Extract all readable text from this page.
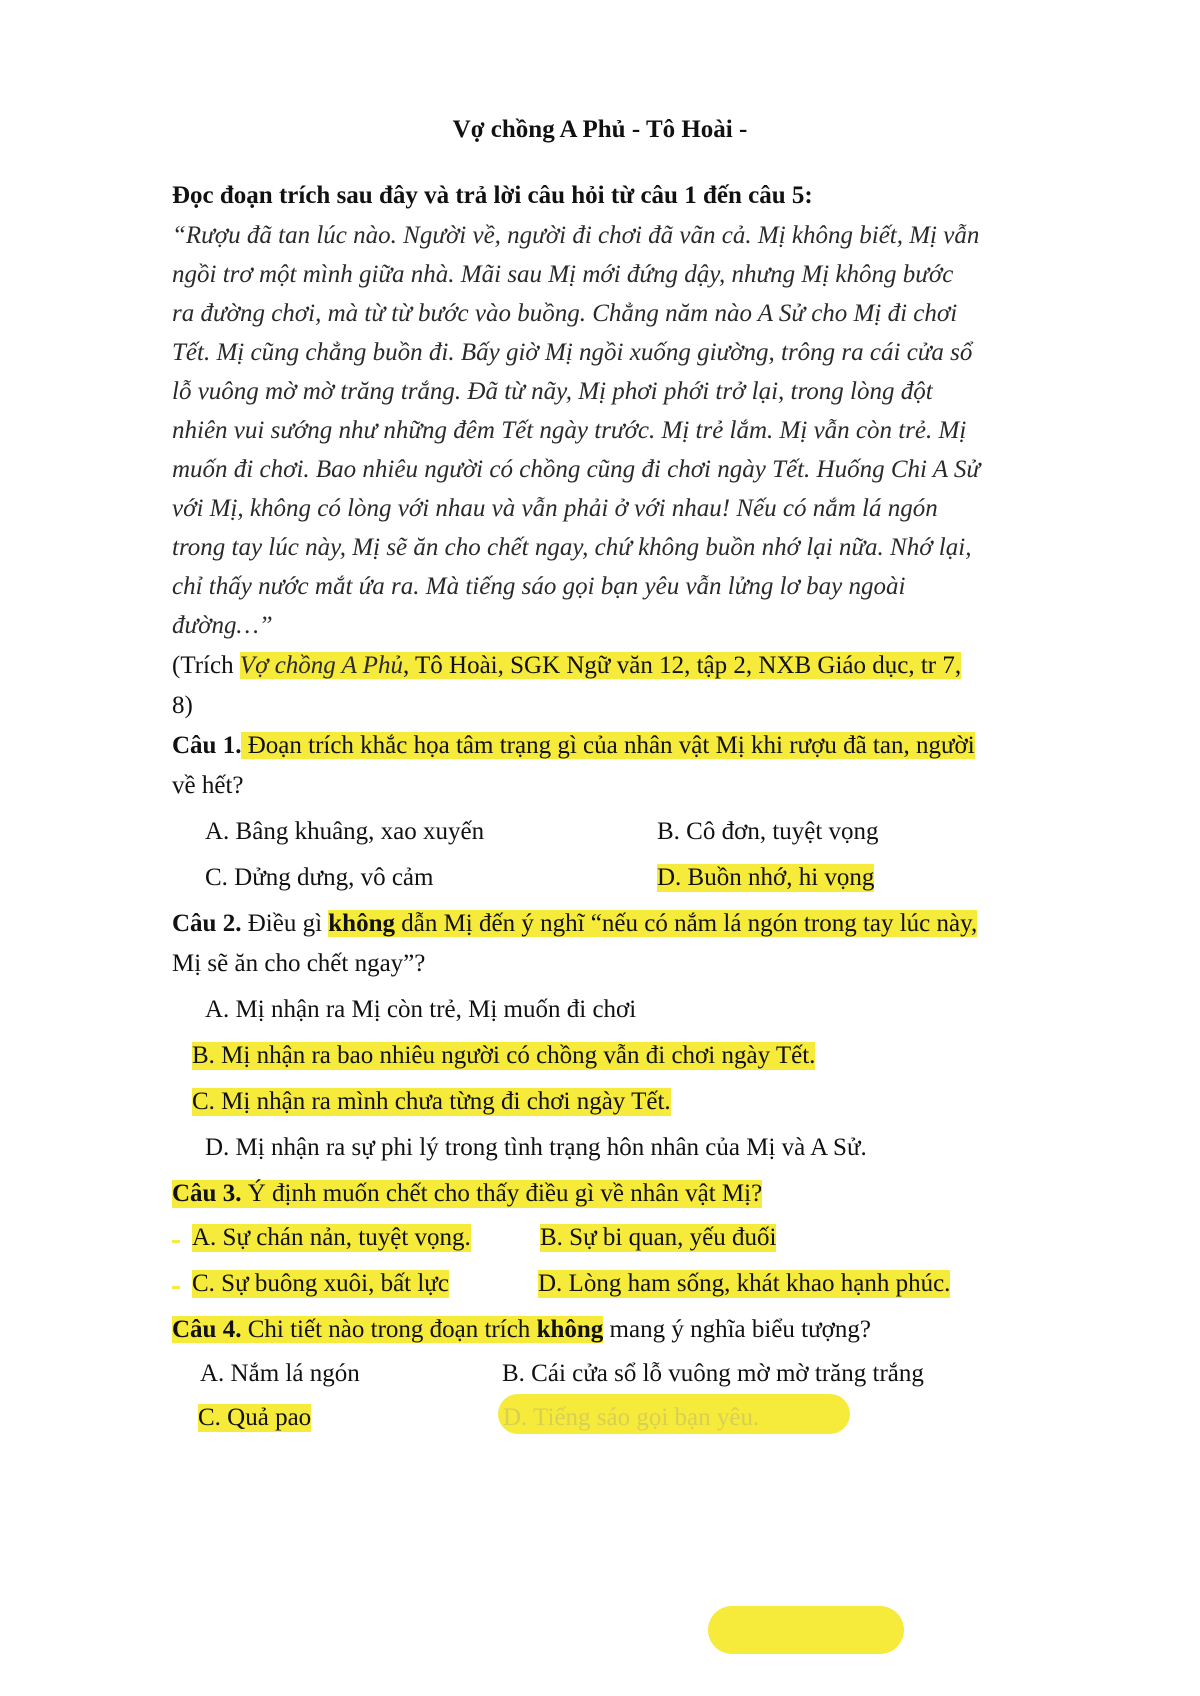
Vợ chồng A Phủ - Tô Hoài -
Đọc đoạn trích sau đây và trả lời câu hỏi từ câu 1 đến câu 5:
“Rượu đã tan lúc nào. Người về, người đi chơi đã vãn cả. Mị không biết, Mị vẫn
ngồi trơ một mình giữa nhà. Mãi sau Mị mới đứng dậy, nhưng Mị không bước
ra đường chơi, mà từ từ bước vào buồng. Chẳng năm nào A Sử cho Mị đi chơi
Tết. Mị cũng chẳng buồn đi. Bấy giờ Mị ngồi xuống giường, trông ra cái cửa sổ
lỗ vuông mờ mờ trăng trắng. Đã từ nãy, Mị phơi phới trở lại, trong lòng đột
nhiên vui sướng như những đêm Tết ngày trước. Mị trẻ lắm. Mị vẫn còn trẻ. Mị
muốn đi chơi. Bao nhiêu người có chồng cũng đi chơi ngày Tết. Huống Chi A Sử
với Mị, không có lòng với nhau và vẫn phải ở với nhau! Nếu có nắm lá ngón
trong tay lúc này, Mị sẽ ăn cho chết ngay, chứ không buồn nhớ lại nữa. Nhớ lại,
chỉ thấy nước mắt ứa ra. Mà tiếng sáo gọi bạn yêu vẫn lửng lơ bay ngoài
đường…”
(Trích Vợ chồng A Phủ, Tô Hoài, SGK Ngữ văn 12, tập 2, NXB Giáo dục, tr 7,
8)
Câu 1. Đoạn trích khắc họa tâm trạng gì của nhân vật Mị khi rượu đã tan, người
về hết?
A. Bâng khuâng, xao xuyến	B. Cô đơn, tuyệt vọng
C. Dửng dưng, vô cảm	D. Buồn nhớ, hi vọng
Câu 2. Điều gì không dẫn Mị đến ý nghĩ “nếu có nắm lá ngón trong tay lúc này,
Mị sẽ ăn cho chết ngay”?
A. Mị nhận ra Mị còn trẻ, Mị muốn đi chơi
B. Mị nhận ra bao nhiêu người có chồng vẫn đi chơi ngày Tết.
C. Mị nhận ra mình chưa từng đi chơi ngày Tết.
D. Mị nhận ra sự phi lý trong tình trạng hôn nhân của Mị và A Sử.
Câu 3. Ý định muốn chết cho thấy điều gì về nhân vật Mị?
A. Sự chán nản, tuyệt vọng.	B. Sự bi quan, yếu đuối
C. Sự buông xuôi, bất lực	D. Lòng ham sống, khát khao hạnh phúc.
Câu 4. Chi tiết nào trong đoạn trích không mang ý nghĩa biểu tượng?
A. Nắm lá ngón	B. Cái cửa sổ lỗ vuông mờ mờ trăng trắng
C. Quả pao	D. Tiếng sáo gọi bạn yêu.
